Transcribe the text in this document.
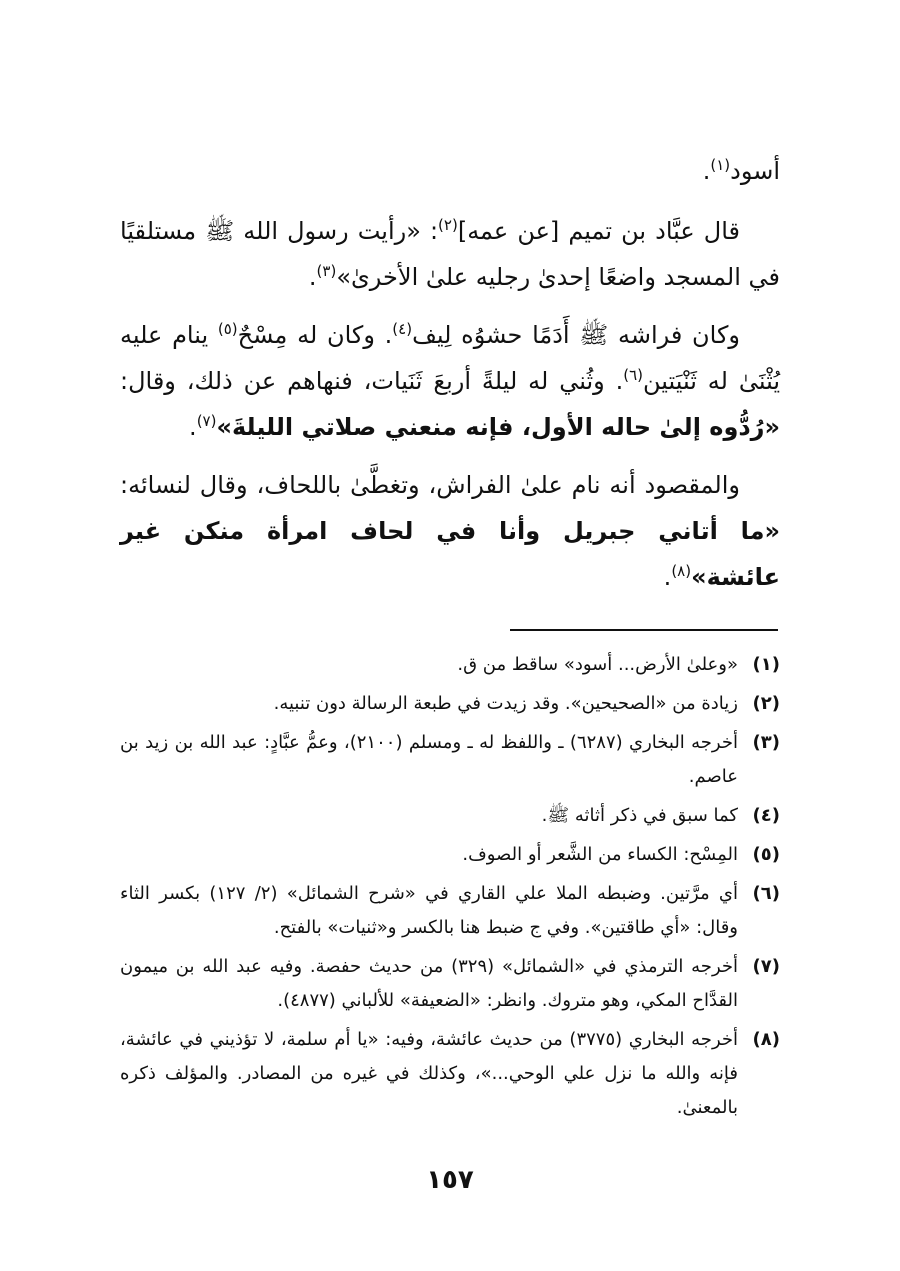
أسود$^{(١)}$.

قال عبَّاد بن تميم [عن عمه]$^{(٢)}$: «رأيت رسول الله ﷺ مستلقيًا في المسجد واضعًا إحدىٰ رجليه علىٰ الأخرىٰ»$^{(٣)}$.

وكان فراشه ﷺ أَدَمًا حشوُه لِيف$^{(٤)}$. وكان له مِسْحٌ$^{(٥)}$ ينام عليه يُثْنَىٰ له ثَنْيَتين$^{(٦)}$. وثُني له ليلةً أربعَ ثَنَيات، فنهاهم عن ذلك، وقال: «رُدُّوه إلىٰ حاله الأول، فإنه منعني صلاتي الليلةَ»$^{(٧)}$.

والمقصود أنه نام علىٰ الفراش، وتغطَّىٰ باللحاف، وقال لنسائه: «ما أتاني جبريل وأنا في لحاف امرأة منكن غير عائشة»$^{(٨)}$.

(١)
«وعلىٰ الأرض... أسود» ساقط من ق.
(٢)
زيادة من «الصحيحين». وقد زيدت في طبعة الرسالة دون تنبيه.
(٣)
أخرجه البخاري (٦٢٨٧) ـ واللفظ له ـ ومسلم (٢١٠٠)، وعمُّ عبَّادٍ: عبد الله بن زيد بن عاصم.
(٤)
كما سبق في ذكر أثاثه ﷺ.
(٥)
المِسْح: الكساء من الشَّعر أو الصوف.
(٦)
أي مرَّتين. وضبطه الملا علي القاري في «شرح الشمائل» (٢/ ١٢٧) بكسر الثاء وقال: «أي طاقتين». وفي ج ضبط هنا بالكسر و«ثنيات» بالفتح.
(٧)
أخرجه الترمذي في «الشمائل» (٣٢٩) من حديث حفصة. وفيه عبد الله بن ميمون القدَّاح المكي، وهو متروك. وانظر: «الضعيفة» للألباني (٤٨٧٧).
(٨)
أخرجه البخاري (٣٧٧٥) من حديث عائشة، وفيه: «يا أم سلمة، لا تؤذيني في عائشة، فإنه والله ما نزل علي الوحي...»، وكذلك في غيره من المصادر. والمؤلف ذكره بالمعنىٰ.
١٥٧
